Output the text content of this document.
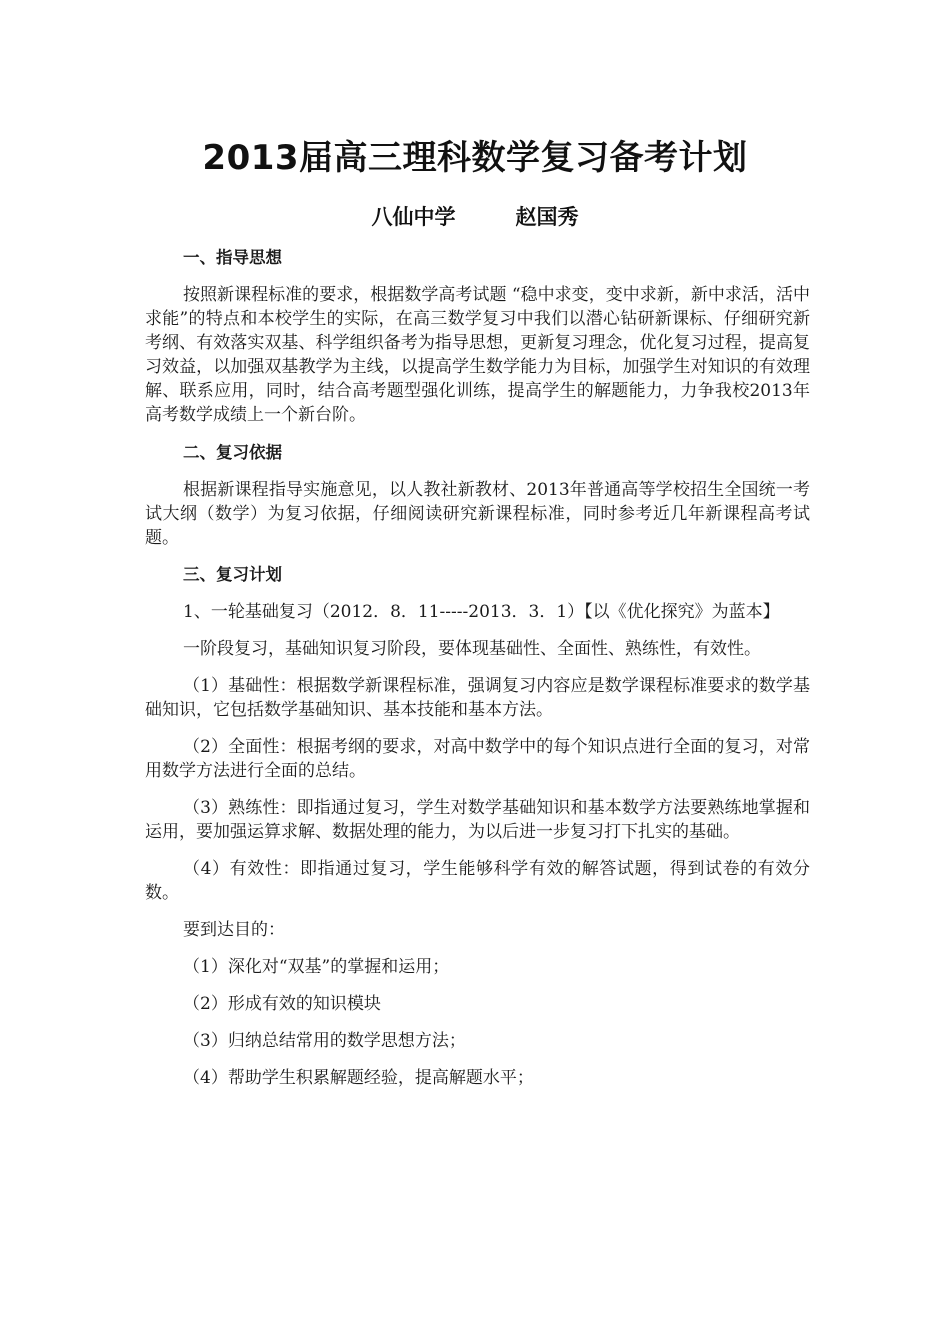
2013届高三理科数学复习备考计划
八仙中学	赵国秀

一、指导思想

按照新课程标准的要求，根据数学高考试题 “稳中求变，变中求新，新中求活，活中求能”的特点和本校学生的实际，在高三数学复习中我们以潜心钻研新课标、仔细研究新考纲、有效落实双基、科学组织备考为指导思想，更新复习理念，优化复习过程，提高复习效益，以加强双基教学为主线，以提高学生数学能力为目标，加强学生对知识的有效理解、联系应用，同时，结合高考题型强化训练，提高学生的解题能力，力争我校2013年高考数学成绩上一个新台阶。

二、复习依据

根据新课程指导实施意见，以人教社新教材、2013年普通高等学校招生全国统一考试大纲（数学）为复习依据，仔细阅读研究新课程标准，同时参考近几年新课程高考试题。

三、复习计划

1、一轮基础复习（2012．8．11-----2013．3．1）【以《优化探究》为蓝本】

一阶段复习，基础知识复习阶段，要体现基础性、全面性、熟练性，有效性。

（1）基础性：根据数学新课程标准，强调复习内容应是数学课程标准要求的数学基础知识，它包括数学基础知识、基本技能和基本方法。

（2）全面性：根据考纲的要求，对高中数学中的每个知识点进行全面的复习，对常用数学方法进行全面的总结。

（3）熟练性：即指通过复习，学生对数学基础知识和基本数学方法要熟练地掌握和运用，要加强运算求解、数据处理的能力，为以后进一步复习打下扎实的基础。

（4）有效性：即指通过复习，学生能够科学有效的解答试题，得到试卷的有效分数。

要到达目的：

（1）深化对“双基”的掌握和运用；

（2）形成有效的知识模块

（3）归纳总结常用的数学思想方法；

（4）帮助学生积累解题经验，提高解题水平；
